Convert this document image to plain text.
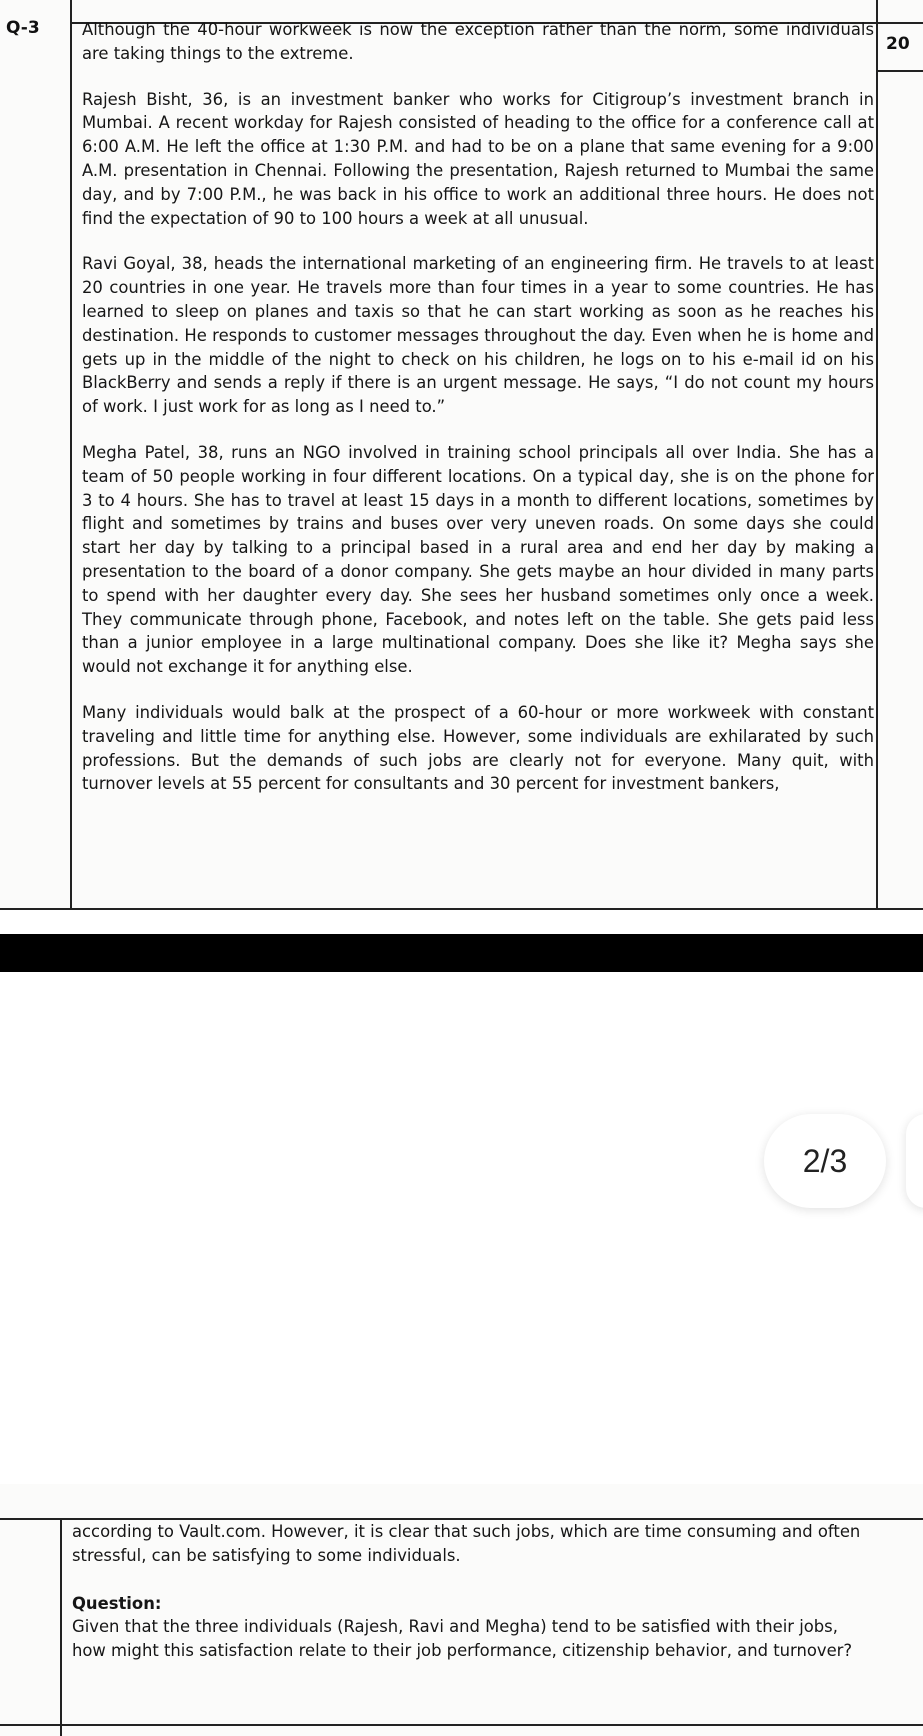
Q-3
20

Although the 40-hour workweek is now the exception rather than the norm, some individuals are taking things to the extreme.

Rajesh Bisht, 36, is an investment banker who works for Citigroup’s investment branch in Mumbai. A recent workday for Rajesh consisted of heading to the office for a conference call at 6:00 A.M. He left the office at 1:30 P.M. and had to be on a plane that same evening for a 9:00 A.M. presentation in Chennai. Following the presentation, Rajesh returned to Mumbai the same day, and by 7:00 P.M., he was back in his office to work an additional three hours. He does not find the expectation of 90 to 100 hours a week at all unusual.

Ravi Goyal, 38, heads the international marketing of an engineering firm. He travels to at least 20 countries in one year. He travels more than four times in a year to some countries. He has learned to sleep on planes and taxis so that he can start working as soon as he reaches his destination. He responds to customer messages throughout the day. Even when he is home and gets up in the middle of the night to check on his children, he logs on to his e-mail id on his BlackBerry and sends a reply if there is an urgent message. He says, “I do not count my hours of work. I just work for as long as I need to.”

Megha Patel, 38, runs an NGO involved in training school principals all over India. She has a team of 50 people working in four different locations. On a typical day, she is on the phone for 3 to 4 hours. She has to travel at least 15 days in a month to different locations, sometimes by flight and sometimes by trains and buses over very uneven roads. On some days she could start her day by talking to a principal based in a rural area and end her day by making a presentation to the board of a donor company. She gets maybe an hour divided in many parts to spend with her daughter every day. She sees her husband sometimes only once a week. They communicate through phone, Facebook, and notes left on the table. She gets paid less than a junior employee in a large multinational company. Does she like it? Megha says she would not exchange it for anything else.

Many individuals would balk at the prospect of a 60-hour or more workweek with constant traveling and little time for anything else. However, some individuals are exhilarated by such professions. But the demands of such jobs are clearly not for everyone. Many quit, with turnover levels at 55 percent for consultants and 30 percent for investment bankers,

2/3

according to Vault.com. However, it is clear that such jobs, which are time consuming and often stressful, can be satisfying to some individuals.

Question:
Given that the three individuals (Rajesh, Ravi and Megha) tend to be satisfied with their jobs, how might this satisfaction relate to their job performance, citizenship behavior, and turnover?
